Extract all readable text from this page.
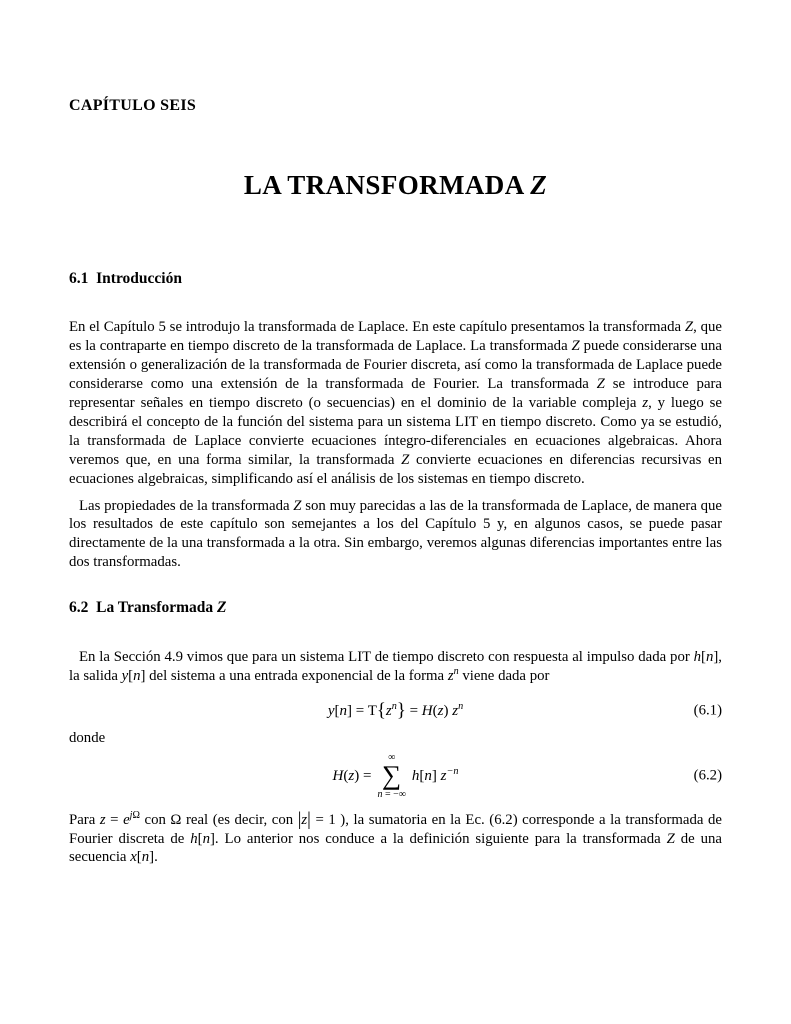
CAPÍTULO SEIS
LA TRANSFORMADA Z
6.1  Introducción

En el Capítulo 5 se introdujo la transformada de Laplace. En este capítulo presentamos la transformada Z, que es la contraparte en tiempo discreto de la transformada de Laplace. La transformada Z puede considerarse una extensión o generalización de la transformada de Fourier discreta, así como la transformada de Laplace puede considerarse como una extensión de la transformada de Fourier. La transformada Z se introduce para representar señales en tiempo discreto (o secuencias) en el dominio de la variable compleja z, y luego se describirá el concepto de la función del sistema para un sistema LIT en tiempo discreto. Como ya se estudió, la transformada de Laplace convierte ecuaciones íntegro-diferenciales en ecuaciones algebraicas. Ahora veremos que, en una forma similar, la transformada Z convierte ecuaciones en diferencias recursivas en ecuaciones algebraicas, simplificando así el análisis de los sistemas en tiempo discreto.

Las propiedades de la transformada Z son muy parecidas a las de la transformada de Laplace, de manera que los resultados de este capítulo son semejantes a los del Capítulo 5 y, en algunos casos, se puede pasar directamente de la una transformada a la otra. Sin embargo, veremos algunas diferencias importantes entre las dos transformadas.

6.2  La Transformada Z

En la Sección 4.9 vimos que para un sistema LIT de tiempo discreto con respuesta al impulso dada por h[n], la salida y[n] del sistema a una entrada exponencial de la forma $z^n$ viene dada por

$y[n] = T\{z^n\} = H(z)$ $z^n$	(6.1)

donde

H(z) =
∞
∑
n = −∞
h[n] $z^{-n}$	(6.2)

Para $z = e^{j\Omega}$ con Ω real (es decir, con |z| = 1 ), la sumatoria en la Ec. (6.2) corresponde a la transformada de Fourier discreta de h[n]. Lo anterior nos conduce a la definición siguiente para la transformada Z de una secuencia x[n].
